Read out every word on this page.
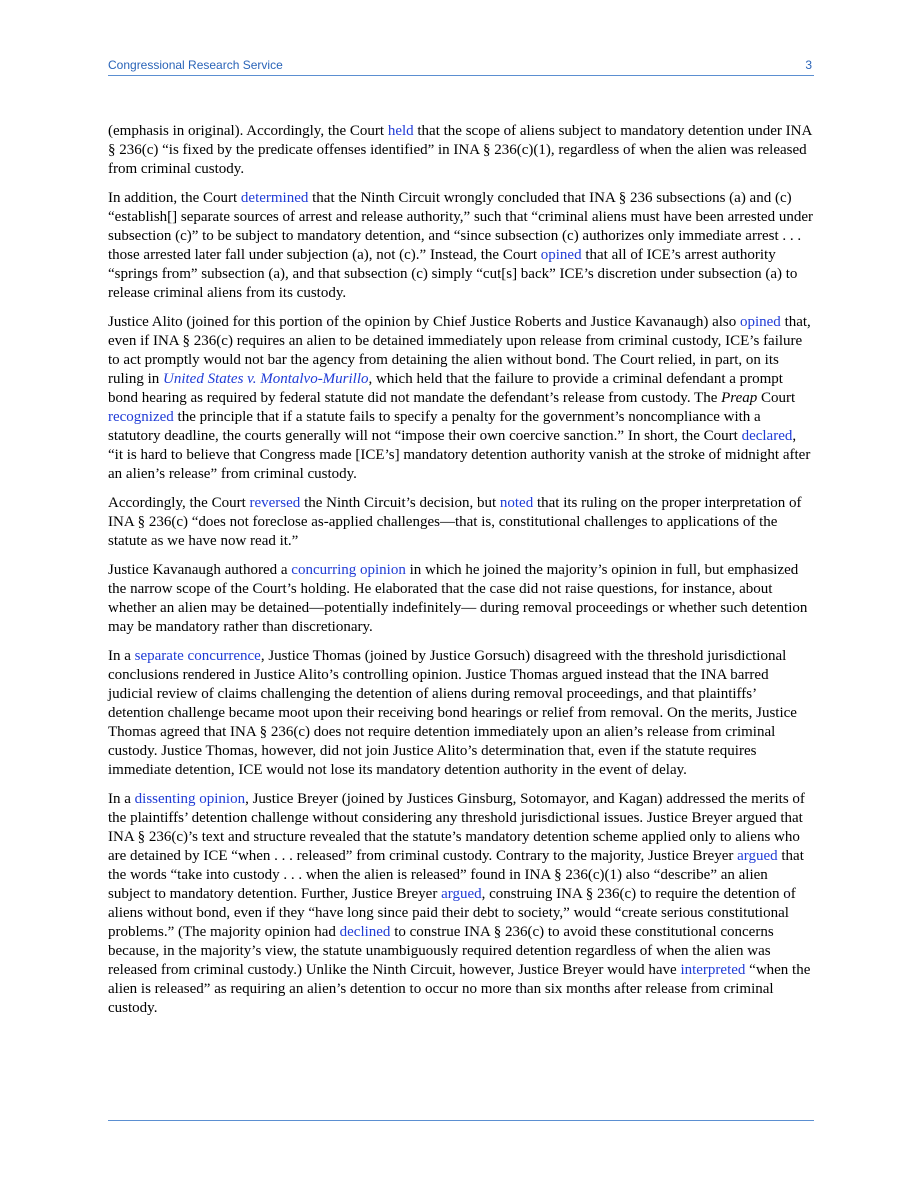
Congressional Research Service	3

(emphasis in original). Accordingly, the Court held that the scope of aliens subject to mandatory detention under INA § 236(c) “is fixed by the predicate offenses identified” in INA § 236(c)(1), regardless of when the alien was released from criminal custody.

In addition, the Court determined that the Ninth Circuit wrongly concluded that INA § 236 subsections (a) and (c) “establish[] separate sources of arrest and release authority,” such that “criminal aliens must have been arrested under subsection (c)” to be subject to mandatory detention, and “since subsection (c) authorizes only immediate arrest . . . those arrested later fall under subjection (a), not (c).” Instead, the Court opined that all of ICE’s arrest authority “springs from” subsection (a), and that subsection (c) simply “cut[s] back” ICE’s discretion under subsection (a) to release criminal aliens from its custody.

Justice Alito (joined for this portion of the opinion by Chief Justice Roberts and Justice Kavanaugh) also opined that, even if INA § 236(c) requires an alien to be detained immediately upon release from criminal custody, ICE’s failure to act promptly would not bar the agency from detaining the alien without bond. The Court relied, in part, on its ruling in United States v. Montalvo-Murillo, which held that the failure to provide a criminal defendant a prompt bond hearing as required by federal statute did not mandate the defendant’s release from custody. The Preap Court recognized the principle that if a statute fails to specify a penalty for the government’s noncompliance with a statutory deadline, the courts generally will not “impose their own coercive sanction.” In short, the Court declared, “it is hard to believe that Congress made [ICE’s] mandatory detention authority vanish at the stroke of midnight after an alien’s release” from criminal custody.

Accordingly, the Court reversed the Ninth Circuit’s decision, but noted that its ruling on the proper interpretation of INA § 236(c) “does not foreclose as-applied challenges—that is, constitutional challenges to applications of the statute as we have now read it.”

Justice Kavanaugh authored a concurring opinion in which he joined the majority’s opinion in full, but emphasized the narrow scope of the Court’s holding. He elaborated that the case did not raise questions, for instance, about whether an alien may be detained—potentially indefinitely— during removal proceedings or whether such detention may be mandatory rather than discretionary.

In a separate concurrence, Justice Thomas (joined by Justice Gorsuch) disagreed with the threshold jurisdictional conclusions rendered in Justice Alito’s controlling opinion. Justice Thomas argued instead that the INA barred judicial review of claims challenging the detention of aliens during removal proceedings, and that plaintiffs’ detention challenge became moot upon their receiving bond hearings or relief from removal. On the merits, Justice Thomas agreed that INA § 236(c) does not require detention immediately upon an alien’s release from criminal custody. Justice Thomas, however, did not join Justice Alito’s determination that, even if the statute requires immediate detention, ICE would not lose its mandatory detention authority in the event of delay.

In a dissenting opinion, Justice Breyer (joined by Justices Ginsburg, Sotomayor, and Kagan) addressed the merits of the plaintiffs’ detention challenge without considering any threshold jurisdictional issues. Justice Breyer argued that INA § 236(c)’s text and structure revealed that the statute’s mandatory detention scheme applied only to aliens who are detained by ICE “when . . . released” from criminal custody. Contrary to the majority, Justice Breyer argued that the words “take into custody . . . when the alien is released” found in INA § 236(c)(1) also “describe” an alien subject to mandatory detention. Further, Justice Breyer argued, construing INA § 236(c) to require the detention of aliens without bond, even if they “have long since paid their debt to society,” would “create serious constitutional problems.” (The majority opinion had declined to construe INA § 236(c) to avoid these constitutional concerns because, in the majority’s view, the statute unambiguously required detention regardless of when the alien was released from criminal custody.) Unlike the Ninth Circuit, however, Justice Breyer would have interpreted “when the alien is released” as requiring an alien’s detention to occur no more than six months after release from criminal custody.
